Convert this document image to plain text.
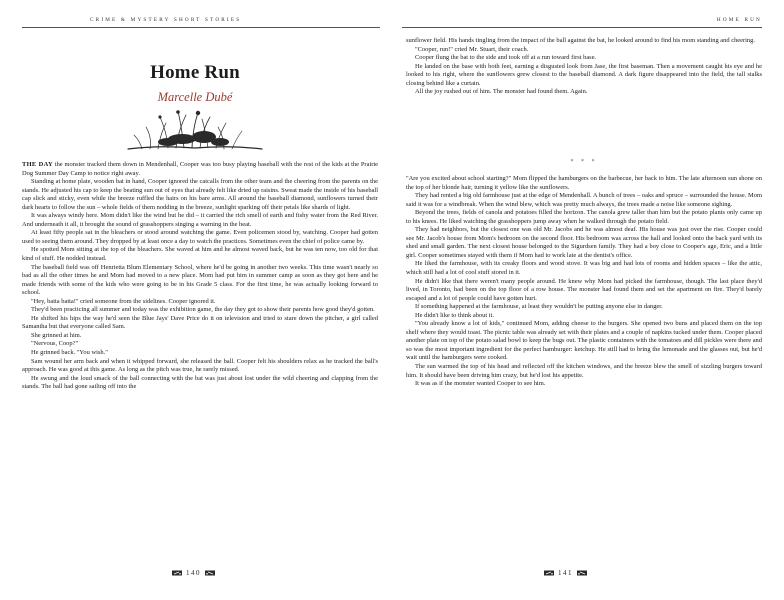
CRIME & MYSTERY SHORT STORIES
Home Run
Marcelle Dubé

THE DAY the monster tracked them down in Mendenhall, Cooper was too busy playing baseball with the rest of the kids at the Prairie Dog Summer Day Camp to notice right away.

Standing at home plate, wooden bat in hand, Cooper ignored the catcalls from the other team and the cheering from the parents on the stands. He adjusted his cap to keep the beating sun out of eyes that already felt like dried up raisins. Sweat made the inside of his baseball cap slick and sticky, even while the breeze ruffled the hairs on his bare arms. All around the baseball diamond, sunflowers turned their dark hearts to follow the sun – whole fields of them nodding in the breeze, sunlight sparking off their petals like shards of light.

It was always windy here. Mom didn't like the wind but he did – it carried the rich smell of earth and fishy water from the Red River. And underneath it all, it brought the sound of grasshoppers singing a warning in the heat.

At least fifty people sat in the bleachers or stood around watching the game. Even policemen stood by, watching. Cooper had gotten used to seeing them around. They dropped by at least once a day to watch the practices. Sometimes even the chief of police came by.

He spotted Mom sitting at the top of the bleachers. She waved at him and he almost waved back, but he was ten now, too old for that kind of stuff. He nodded instead.

The baseball field was off Henrietta Blum Elementary School, where he'd be going in another two weeks. This time wasn't nearly so bad as all the other times he and Mom had moved to a new place. Mom had put him in summer camp as soon as they got here and he made friends with some of the kids who were going to be in his Grade 5 class. For the first time, he was actually looking forward to school.

"Hey, batta batta!" cried someone from the sidelines. Cooper ignored it.

They'd been practicing all summer and today was the exhibition game, the day they got to show their parents how good they'd gotten.

He shifted his hips the way he'd seen the Blue Jays' Dave Price do it on television and tried to stare down the pitcher, a girl called Samantha but that everyone called Sam.

She grinned at him.

"Nervous, Coop?"

He grinned back. "You wish."

Sam wound her arm back and when it whipped forward, she released the ball. Cooper felt his shoulders relax as he tracked the ball's approach. He was good at this game. As long as the pitch was true, he rarely missed.

He swung and the loud smack of the ball connecting with the bat was just about lost under the wild cheering and clapping from the stands. The ball had gone sailing off into the

140
HOME RUN

sunflower field. His hands tingling from the impact of the ball against the bat, he looked around to find his mom standing and cheering.

"Cooper, run!" cried Mr. Stuart, their coach.

Cooper flung the bat to the side and took off at a run toward first base.

He landed on the base with both feet, earning a disgusted look from Jase, the first baseman. Then a movement caught his eye and he looked to his right, where the sunflowers grew closest to the baseball diamond. A dark figure disappeared into the field, the tall stalks closing behind like a curtain.

All the joy rushed out of him. The monster had found them. Again.

* * *

"Are you excited about school starting?" Mom flipped the hamburgers on the barbecue, her back to him. The late afternoon sun shone on the top of her blonde hair, turning it yellow like the sunflowers.

They had rented a big old farmhouse just at the edge of Mendenhall. A bunch of trees – oaks and spruce – surrounded the house. Mom said it was for a windbreak. When the wind blew, which was pretty much always, the trees made a noise like someone sighing.

Beyond the trees, fields of canola and potatoes filled the horizon. The canola grew taller than him but the potato plants only came up to his knees. He liked watching the grasshoppers jump away when he walked through the potato field.

They had neighbors, but the closest one was old Mr. Jacobs and he was almost deaf. His house was just over the rise. Cooper could see Mr. Jacob's house from Mom's bedroom on the second floor. His bedroom was across the hall and looked onto the back yard with its shed and small garden. The next closest house belonged to the Sigurdsen family. They had a boy close to Cooper's age, Eric, and a little girl. Cooper sometimes stayed with them if Mom had to work late at the dentist's office.

He liked the farmhouse, with its creaky floors and wood stove. It was big and had lots of rooms and hidden spaces – like the attic, which still had a lot of cool stuff stored in it.

He didn't like that there weren't many people around. He knew why Mom had picked the farmhouse, though. The last place they'd lived, in Toronto, had been on the top floor of a row house. The monster had found them and set the apartment on fire. They'd barely escaped and a lot of people could have gotten hurt.

If something happened at the farmhouse, at least they wouldn't be putting anyone else in danger.

He didn't like to think about it.

"You already know a lot of kids," continued Mom, adding cheese to the burgers. She opened two buns and placed them on the top shelf where they would toast. The picnic table was already set with their plates and a couple of napkins tucked under them. Cooper placed another plate on top of the potato salad bowl to keep the bugs out. The plastic containers with the tomatoes and dill pickles were there and so was the most important ingredient for the perfect hamburger: ketchup. He still had to bring the lemonade and the glasses out, but he'd wait until the hamburgers were cooked.

The sun warmed the top of his head and reflected off the kitchen windows, and the breeze blew the smell of sizzling burgers toward him. It should have been driving him crazy, but he'd lost his appetite.

It was as if the monster wanted Cooper to see him.

141
